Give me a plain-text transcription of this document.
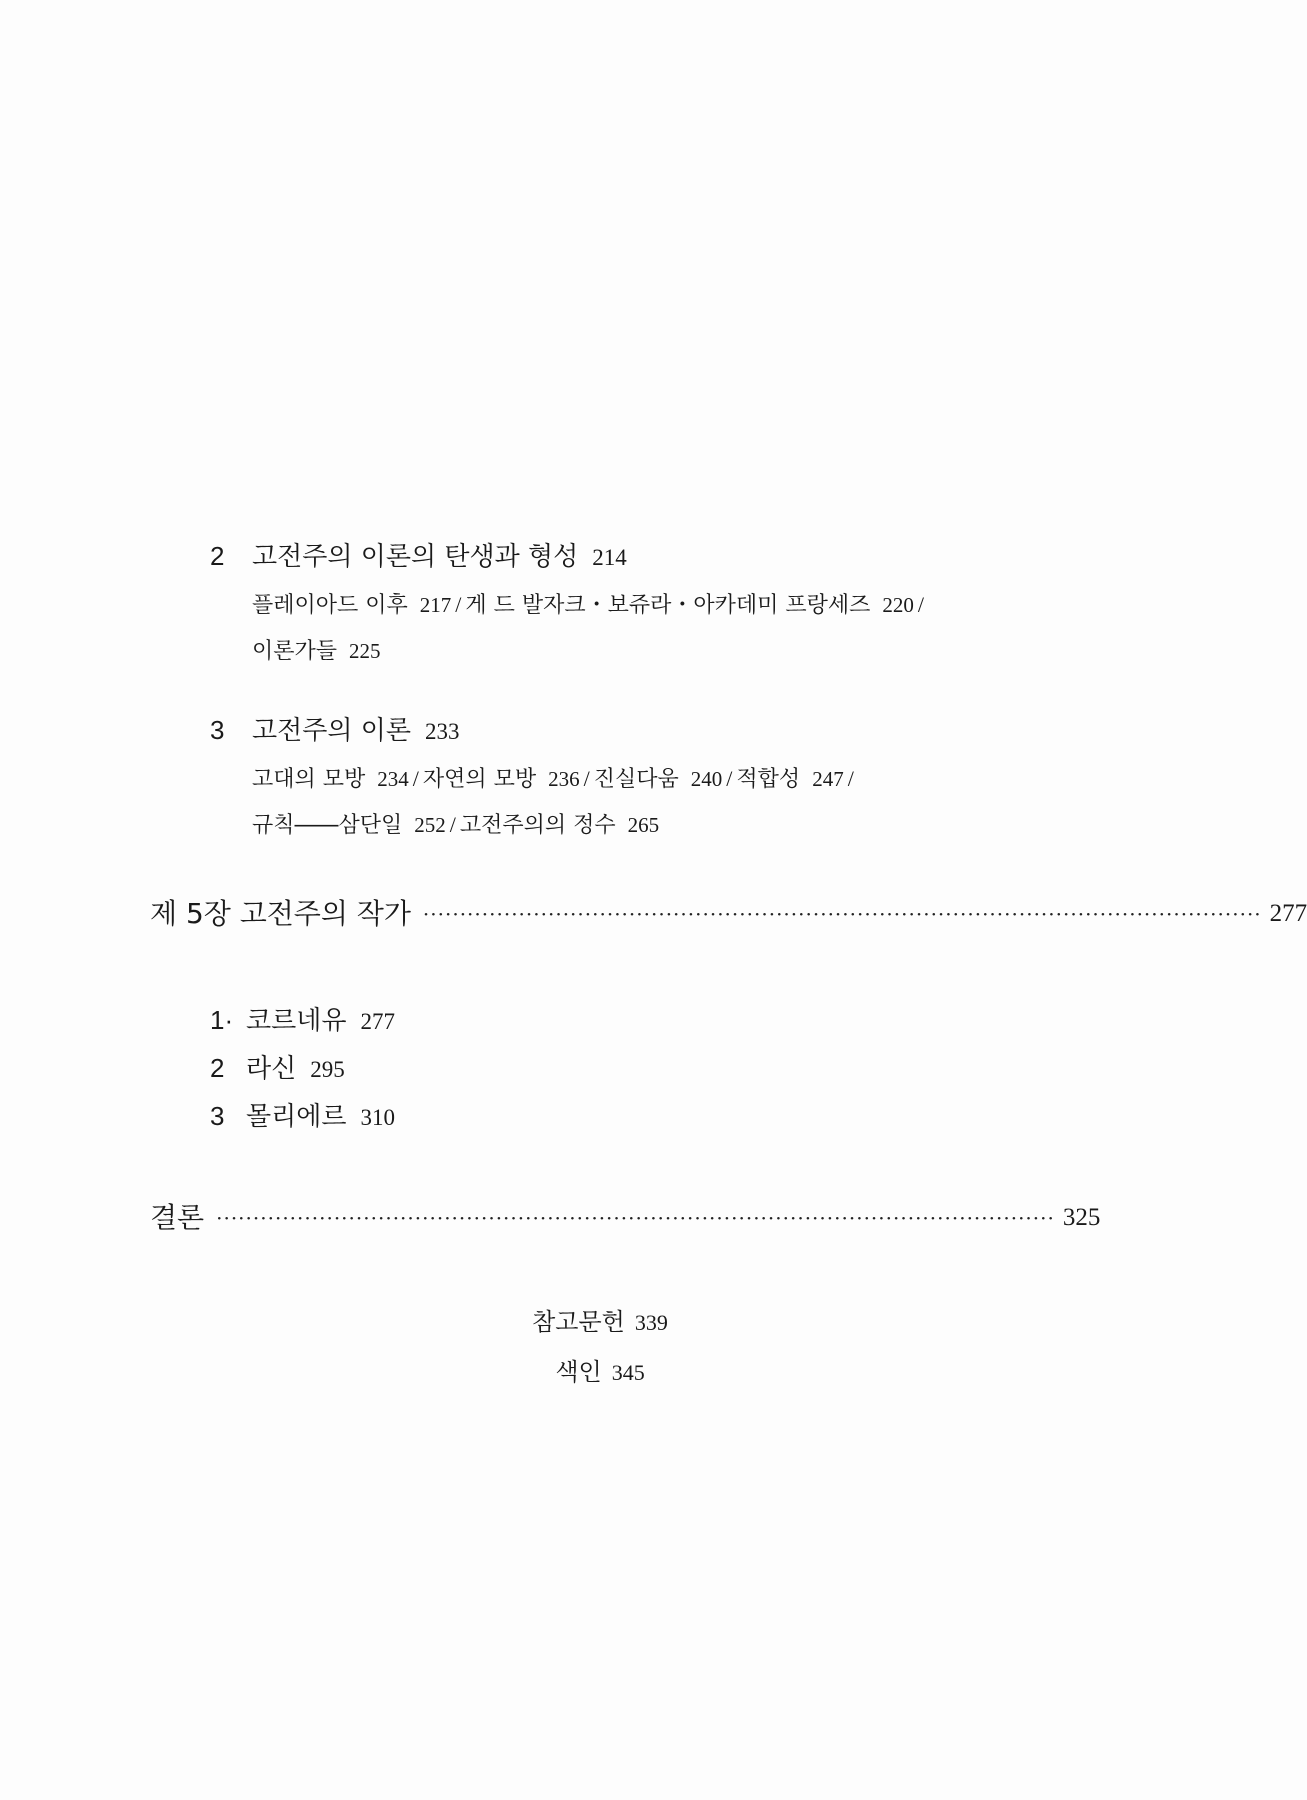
2 고전주의 이론의 탄생과 형성 214
플레이아드 이후 217 / 게 드 발자크・보쥬라・아카데미 프랑세즈 220 /
이론가들 225
3 고전주의 이론 233
고대의 모방 234 / 자연의 모방 236 / 진실다움 240 / 적합성 247 /
규칙――삼단일 252 / 고전주의의 정수 265
제 5장 고전주의 작가 ·················································································································· 277
1· 코르네유 277
2 라신 295
3 몰리에르 310
결론 ·················································································································· 325
참고문헌 339
색인 345
